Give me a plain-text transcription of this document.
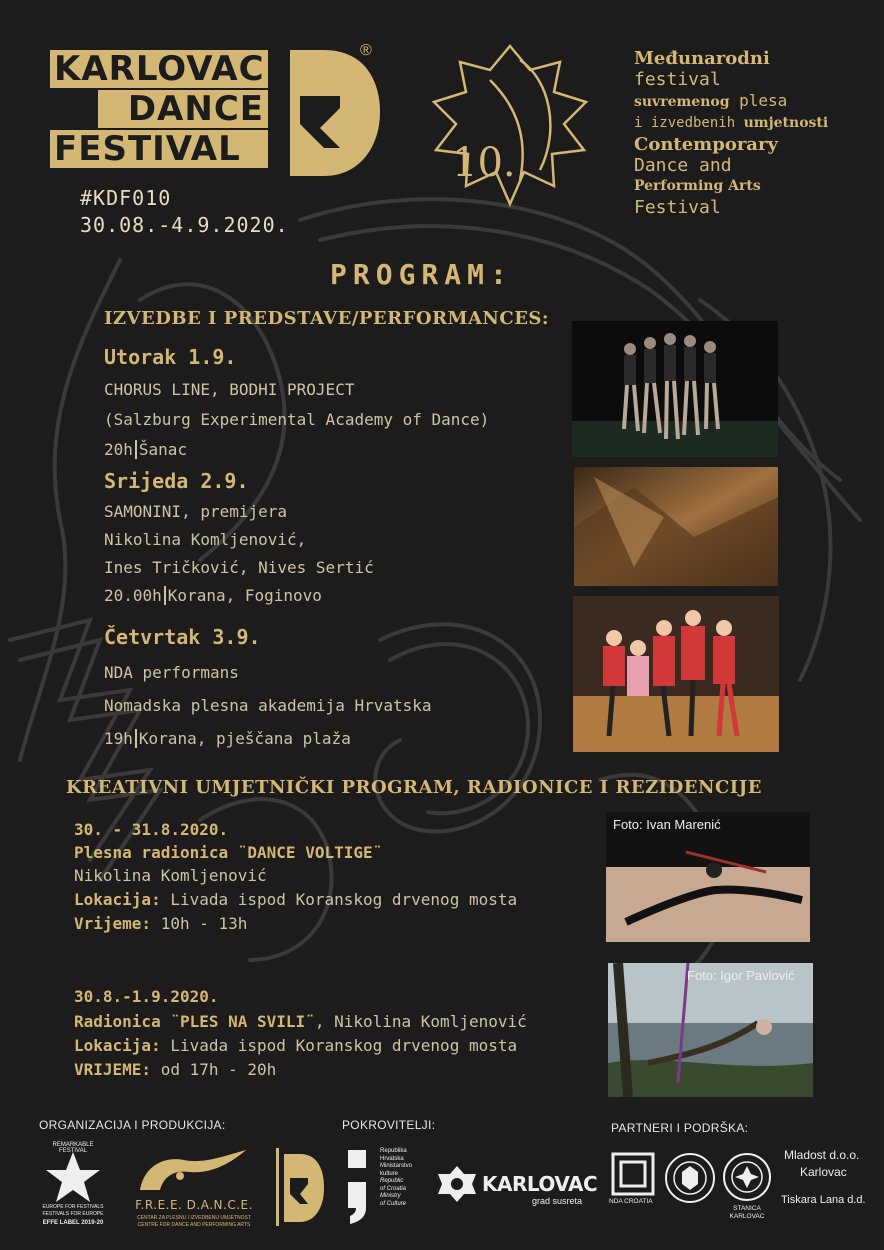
KARLOVAC
DANCE
FESTIVAL
®
#KDF010
30.08.-4.9.2020.
10.
Međunarodni
festival
suvremenog plesa
i izvedbenih umjetnosti
Contemporary
Dance and
Performing Arts
Festival
PROGRAM:
IZVEDBE I PREDSTAVE/PERFORMANCES:
Utorak 1.9.
CHORUS LINE, BODHI PROJECT
(Salzburg Experimental Academy of Dance)
20h Šanac
Srijeda 2.9.
SAMONINI, premijera
Nikolina Komljenović,
Ines Tričković, Nives Sertić
20.00h Korana, Foginovo
Četvrtak 3.9.
NDA performans
Nomadska plesna akademija Hrvatska
19h Korana, pješčana plaža
KREATIVNI UMJETNIČKI PROGRAM, RADIONICE I REZIDENCIJE
30. - 31.8.2020.
Plesna radionica ¨DANCE VOLTIGE¨
Nikolina Komljenović
Lokacija: Livada ispod Koranskog drvenog mosta
Vrijeme: 10h - 13h
Foto: Ivan Marenić
30.8.-1.9.2020.
Radionica ¨PLES NA SVILI¨, Nikolina Komljenović
Lokacija: Livada ispod Koranskog drvenog mosta
VRIJEME: od 17h - 20h
Foto: Igor Pavlović
ORGANIZACIJA I PRODUKCIJA:	POKROVITELJI:	PARTNERI I PODRŠKA:
REMARKABLE FESTIVAL
EUROPE FOR FESTIVALS
FESTIVALS FOR EUROPE
EFFE LABEL 2019-20
F.R.E.E. D.A.N.C.E.
CENTAR ZA PLESNU I IZVEDBENU UMJETNOST
CENTRE FOR DANCE AND PERFORMING ARTS
Republika
Hrvatska
Ministarstvo
kulture
Republic
of Croatia
Ministry
of Culture
KARLOVAC
grad susreta	NDA CROATIA
STANICA
KARLOVAC
Mladost d.o.o.
Karlovac
Tiskara Lana d.d.
